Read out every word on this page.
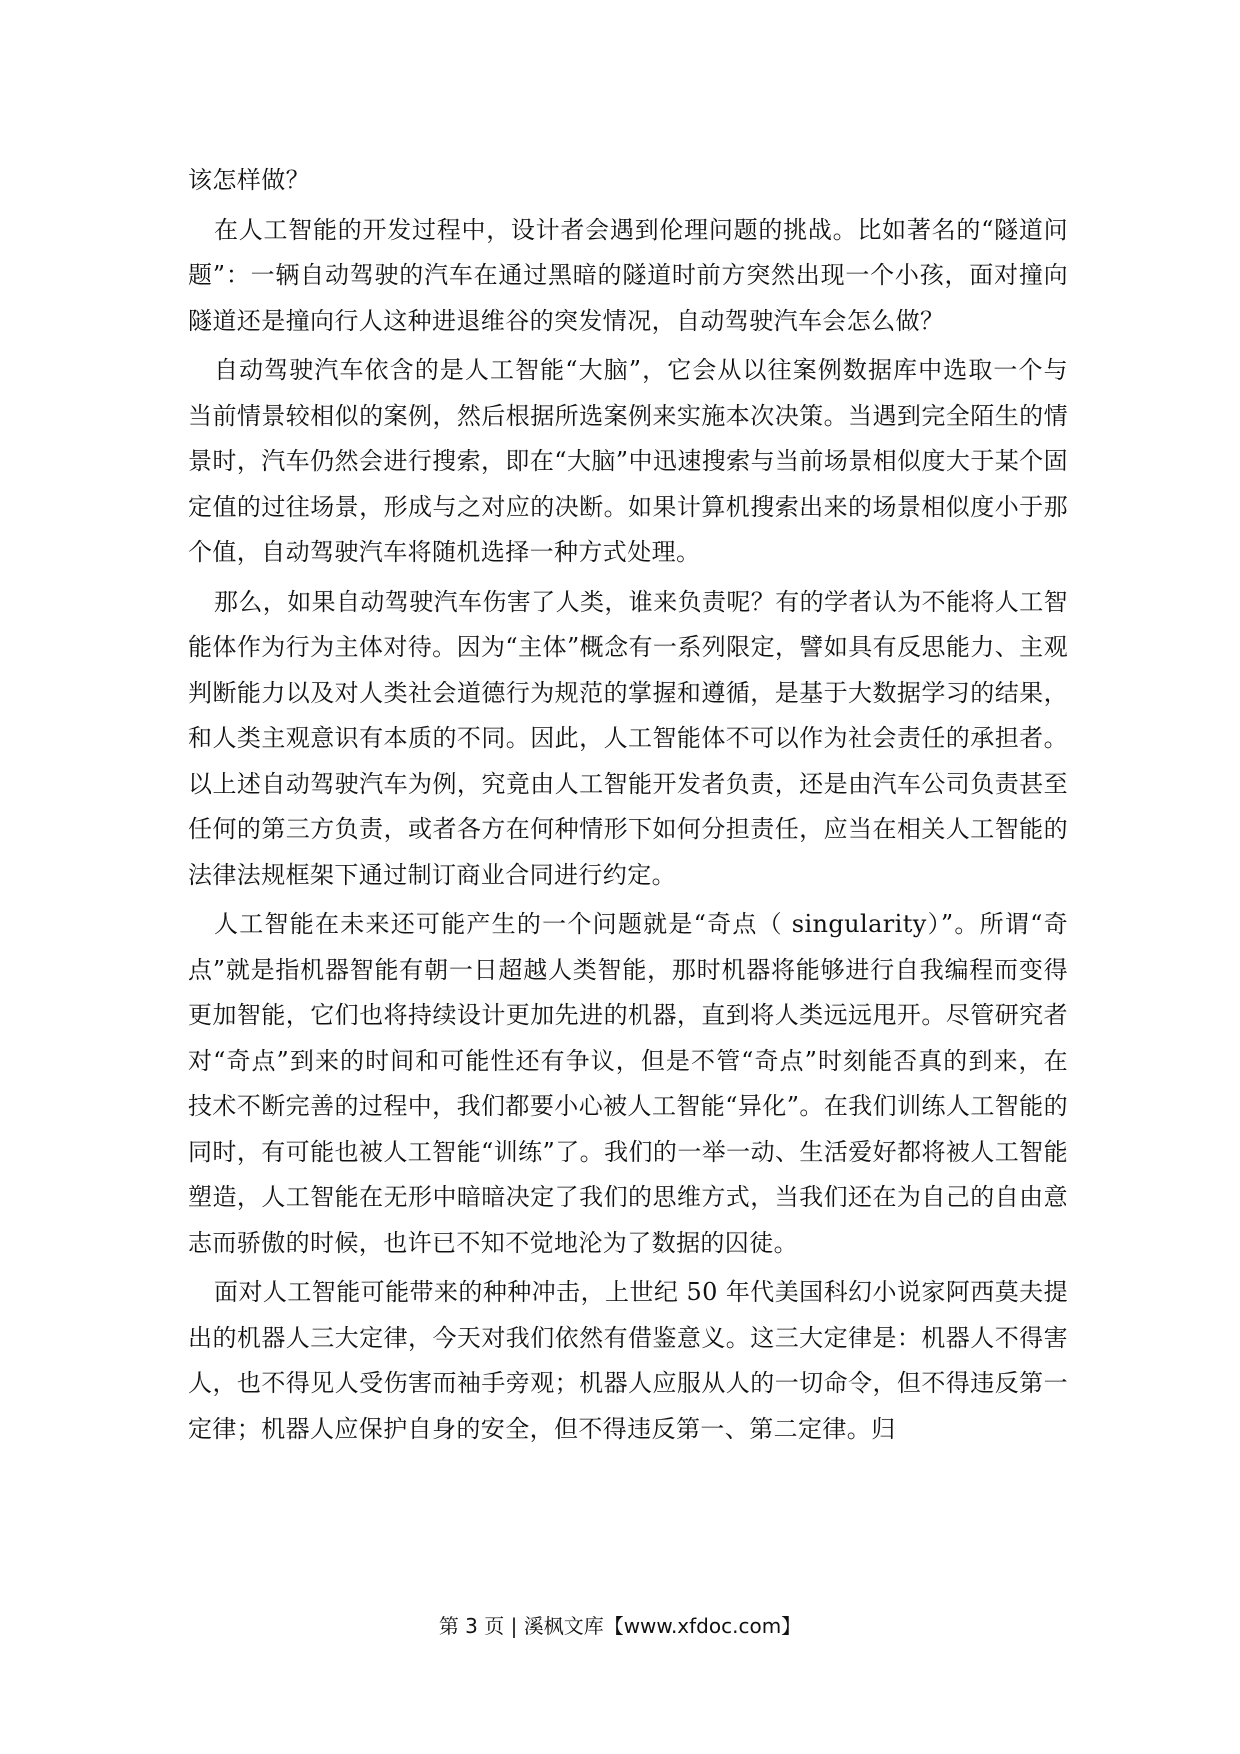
该怎样做？

在人工智能的开发过程中，设计者会遇到伦理问题的挑战。比如著名的“隧道问题”：一辆自动驾驶的汽车在通过黑暗的隧道时前方突然出现一个小孩，面对撞向隧道还是撞向行人这种进退维谷的突发情况，自动驾驶汽车会怎么做？

自动驾驶汽车依含的是人工智能“大脑”，它会从以往案例数据库中选取一个与当前情景较相似的案例，然后根据所选案例来实施本次决策。当遇到完全陌生的情景时，汽车仍然会进行搜索，即在“大脑”中迅速搜索与当前场景相似度大于某个固定值的过往场景，形成与之对应的决断。如果计算机搜索出来的场景相似度小于那个值，自动驾驶汽车将随机选择一种方式处理。

那么，如果自动驾驶汽车伤害了人类，谁来负责呢？有的学者认为不能将人工智能体作为行为主体对待。因为“主体”概念有一系列限定，譬如具有反思能力、主观判断能力以及对人类社会道德行为规范的掌握和遵循，是基于大数据学习的结果，和人类主观意识有本质的不同。因此，人工智能体不可以作为社会责任的承担者。以上述自动驾驶汽车为例，究竟由人工智能开发者负责，还是由汽车公司负责甚至任何的第三方负责，或者各方在何种情形下如何分担责任，应当在相关人工智能的法律法规框架下通过制订商业合同进行约定。

人工智能在未来还可能产生的一个问题就是“奇点（ singularity）”。所谓“奇点”就是指机器智能有朝一日超越人类智能，那时机器将能够进行自我编程而变得更加智能，它们也将持续设计更加先进的机器，直到将人类远远甩开。尽管研究者对“奇点”到来的时间和可能性还有争议，但是不管“奇点”时刻能否真的到来，在技术不断完善的过程中，我们都要小心被人工智能“异化”。在我们训练人工智能的同时，有可能也被人工智能“训练”了。我们的一举一动、生活爱好都将被人工智能塑造，人工智能在无形中暗暗决定了我们的思维方式，当我们还在为自己的自由意志而骄傲的时候，也许已不知不觉地沦为了数据的囚徒。

面对人工智能可能带来的种种冲击，上世纪 50 年代美国科幻小说家阿西莫夫提出的机器人三大定律，今天对我们依然有借鉴意义。这三大定律是：机器人不得害人，也不得见人受伤害而袖手旁观；机器人应服从人的一切命令，但不得违反第一定律；机器人应保护自身的安全，但不得违反第一、第二定律。归

第 3 页 | 溪枫文库【www.xfdoc.com】
